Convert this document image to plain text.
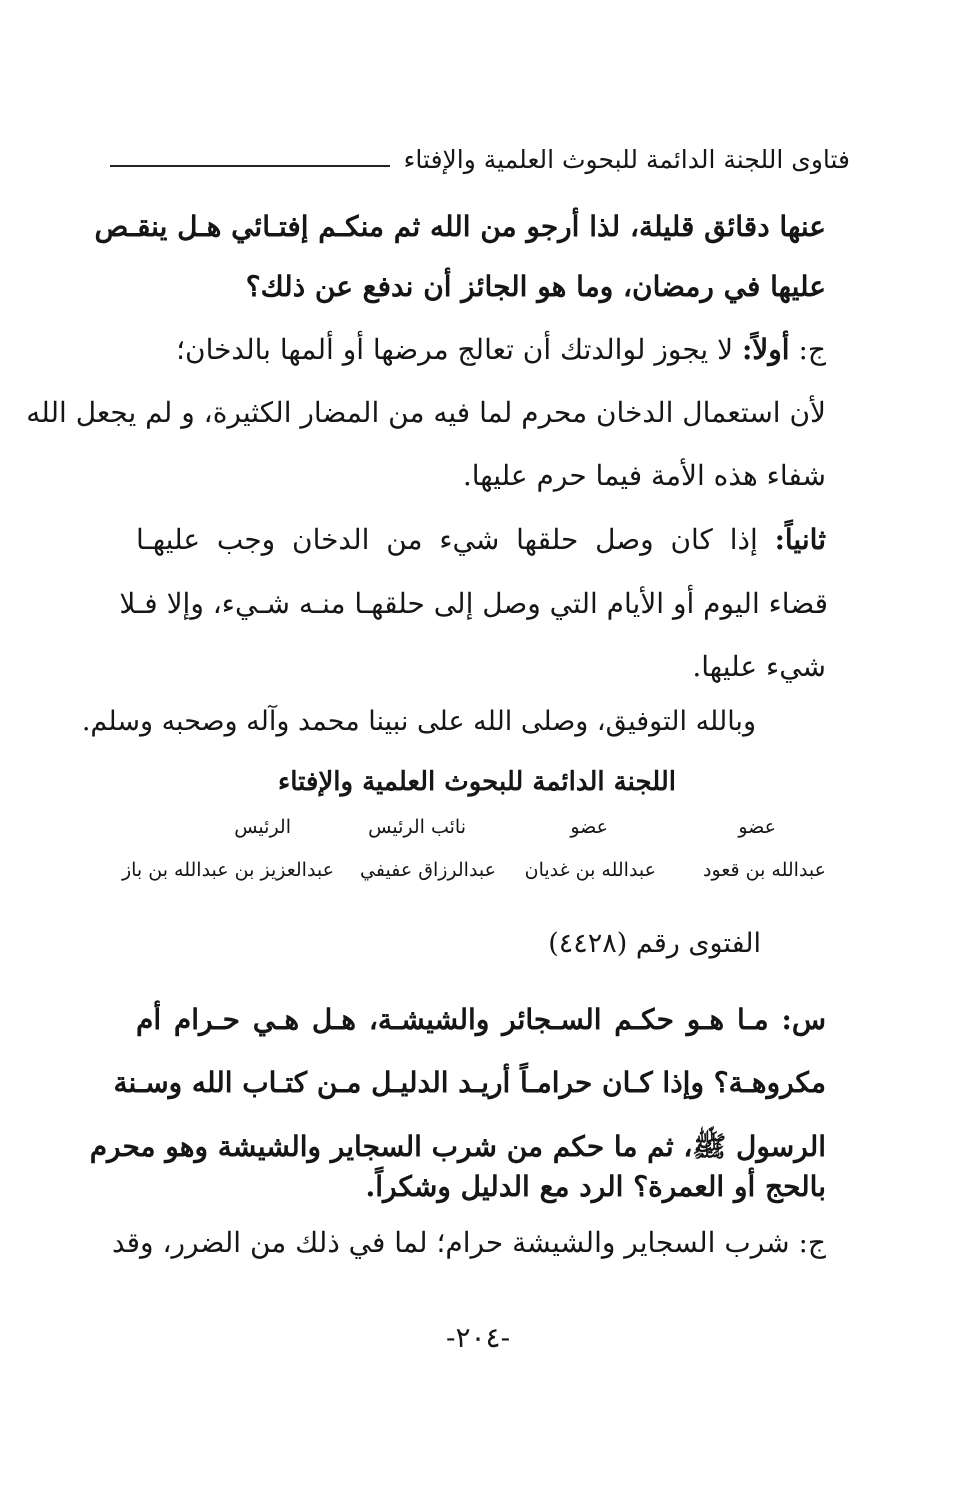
فتاوى اللجنة الدائمة للبحوث العلمية والإفتاء
عنها دقائق قليلة، لذا أرجو من الله ثم منكـم إفتـائي هـل ينقـص
عليها في رمضان، وما هو الجائز أن ندفع عن ذلك؟
ج: أولاً: لا يجوز لوالدتك أن تعالج مرضها أو ألمها بالدخان؛
لأن استعمال الدخان محرم لما فيه من المضار الكثيرة، و لم يجعل الله
شفاء هذه الأمة فيما حرم عليها.
ثانياً: إذا كان وصل حلقها شيء من الدخان وجب عليهـا
قضاء اليوم أو الأيام التي وصل إلى حلقهـا منـه شـيء، وإلا فـلا
شيء عليها.
وبالله التوفيق، وصلى الله على نبينا محمد وآله وصحبه وسلم.
اللجنة الدائمة للبحوث العلمية والإفتاء
عضو
عضو
نائب الرئيس
الرئيس
عبدالله بن قعود
عبدالله بن غديان
عبدالرزاق عفيفي
عبدالعزيز بن عبدالله بن باز
الفتوى رقم (٤٤٢٨)
س: مـا هـو حكـم السـجائر والشيشـة، هـل هـي حـرام أم
مكروهـة؟ وإذا كـان حرامـاً أريـد الدليـل مـن كتـاب الله وسـنة
الرسول ﷺ، ثم ما حكم من شرب السجاير والشيشة وهو محرم
بالحج أو العمرة؟ الرد مع الدليل وشكراً.
ج: شرب السجاير والشيشة حرام؛ لما في ذلك من الضرر، وقد
-٢٠٤-
